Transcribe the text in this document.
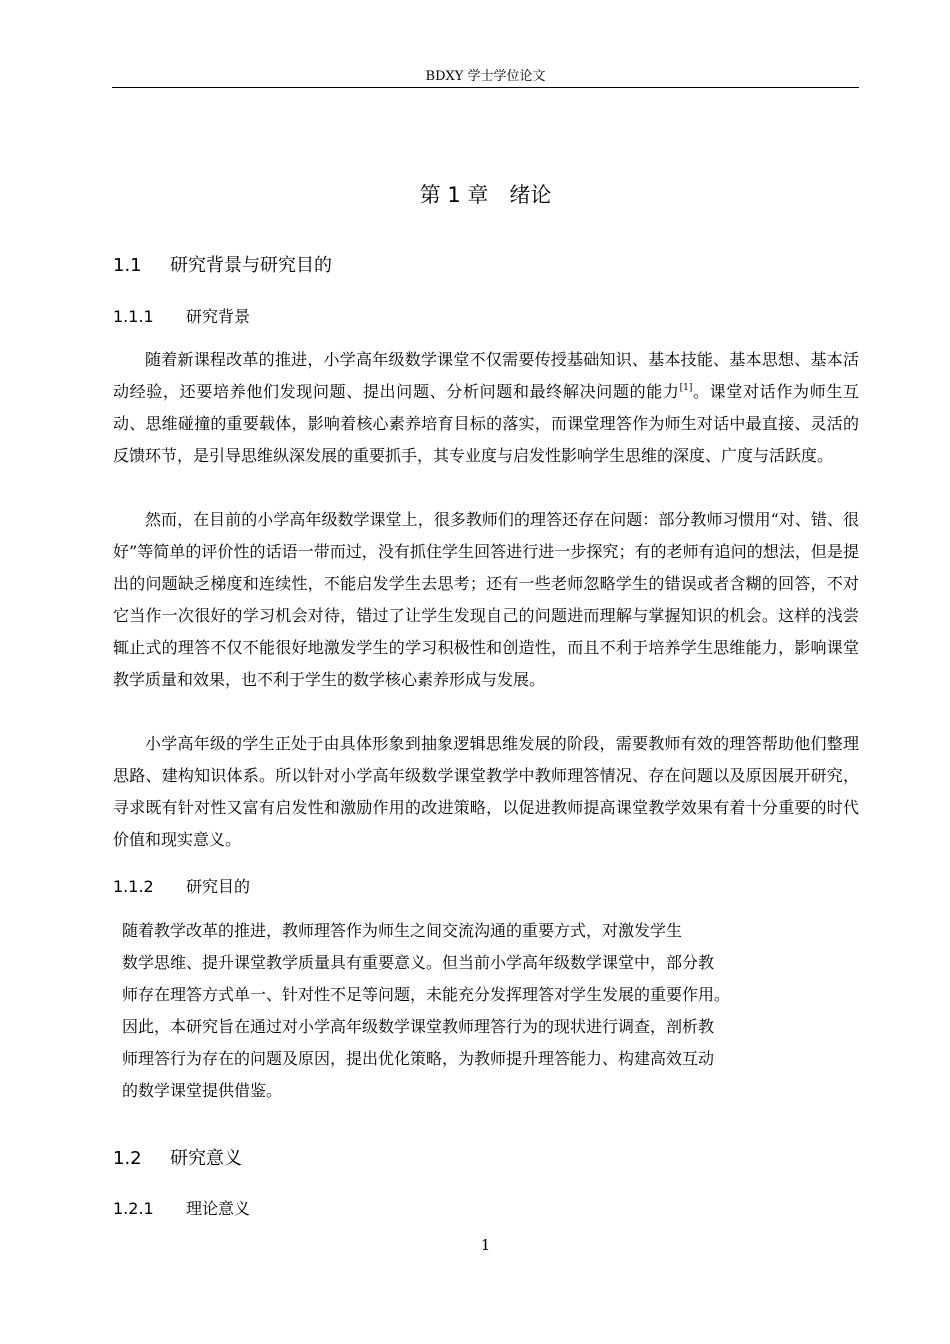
BDXY 学士学位论文
第 1 章　绪论
1.1 研究背景与研究目的
1.1.1 研究背景

随着新课程改革的推进，小学高年级数学课堂不仅需要传授基础知识、基本技能、基本思想、基本活动经验，还要培养他们发现问题、提出问题、分析问题和最终解决问题的能力[1]。课堂对话作为师生互动、思维碰撞的重要载体，影响着核心素养培育目标的落实，而课堂理答作为师生对话中最直接、灵活的反馈环节，是引导思维纵深发展的重要抓手，其专业度与启发性影响学生思维的深度、广度与活跃度。

然而，在目前的小学高年级数学课堂上，很多教师们的理答还存在问题：部分教师习惯用“对、错、很好”等简单的评价性的话语一带而过，没有抓住学生回答进行进一步探究；有的老师有追问的想法，但是提出的问题缺乏梯度和连续性，不能启发学生去思考；还有一些老师忽略学生的错误或者含糊的回答，不对它当作一次很好的学习机会对待，错过了让学生发现自己的问题进而理解与掌握知识的机会。这样的浅尝辄止式的理答不仅不能很好地激发学生的学习积极性和创造性，而且不利于培养学生思维能力，影响课堂教学质量和效果，也不利于学生的数学核心素养形成与发展。

小学高年级的学生正处于由具体形象到抽象逻辑思维发展的阶段，需要教师有效的理答帮助他们整理思路、建构知识体系。所以针对小学高年级数学课堂教学中教师理答情况、存在问题以及原因展开研究，寻求既有针对性又富有启发性和激励作用的改进策略，以促进教师提高课堂教学效果有着十分重要的时代价值和现实意义。

1.1.2 研究目的

随着教学改革的推进，教师理答作为师生之间交流沟通的重要方式，对激发学生
数学思维、提升课堂教学质量具有重要意义。但当前小学高年级数学课堂中，部分教
师存在理答方式单一、针对性不足等问题，未能充分发挥理答对学生发展的重要作用。
因此，本研究旨在通过对小学高年级数学课堂教师理答行为的现状进行调查，剖析教
师理答行为存在的问题及原因，提出优化策略，为教师提升理答能力、构建高效互动
的数学课堂提供借鉴。

1.2 研究意义
1.2.1 理论意义
1
